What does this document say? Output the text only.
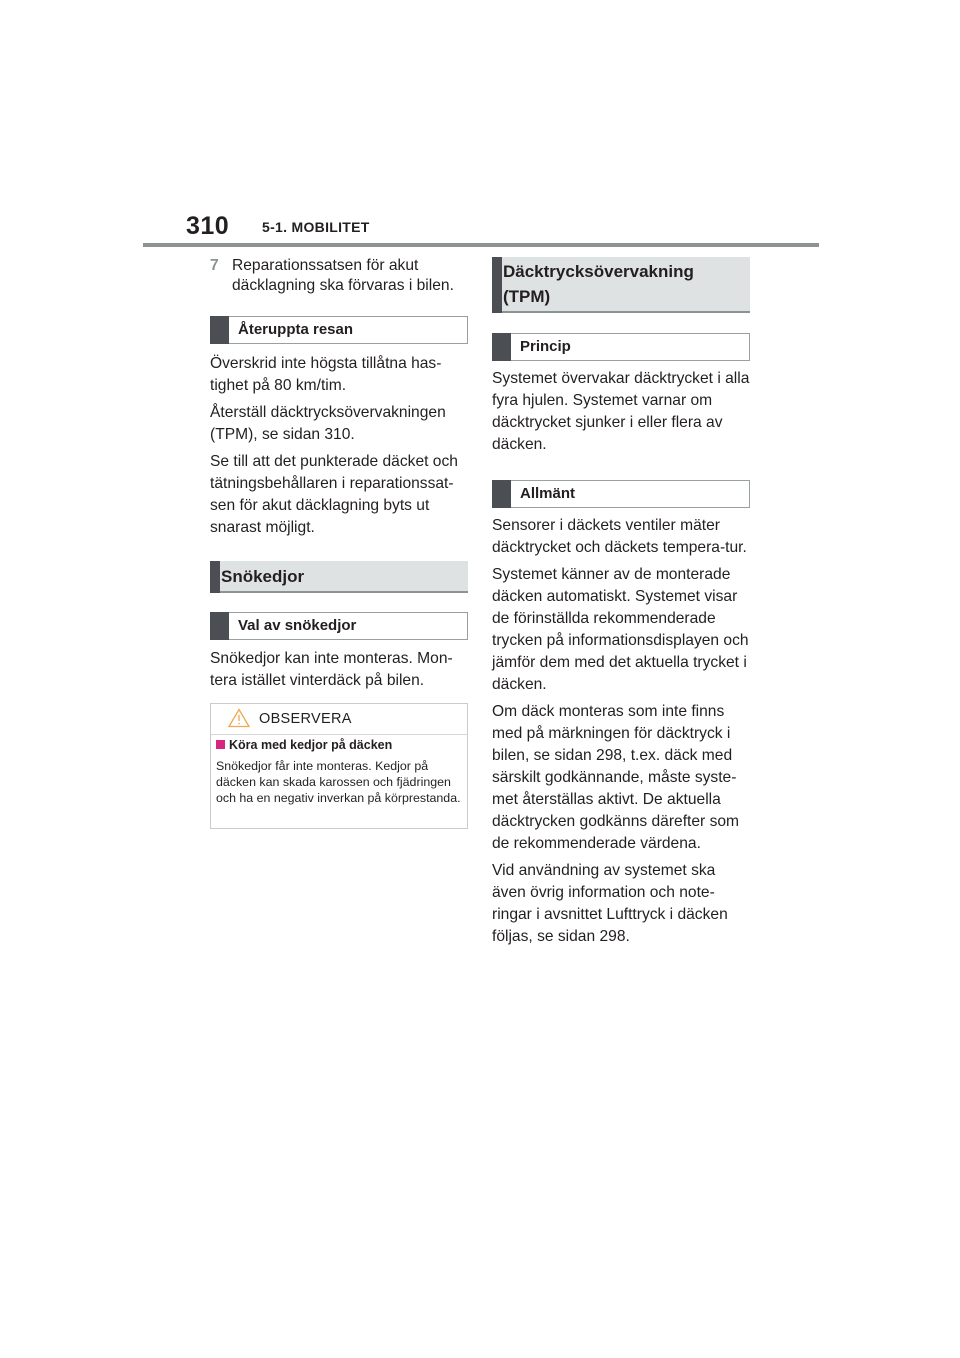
310 5-1. MOBILITET
7 Reparationssatsen för akut däcklagning ska förvaras i bilen.
Återuppta resan

Överskrid inte högsta tillåtna has-tighet på 80 km/tim.

Återställ däcktrycksövervakningen (TPM), se sidan 310.

Se till att det punkterade däcket och tätningsbehållaren i reparationssat-sen för akut däcklagning byts ut snarast möjligt.

Snökedjor
Val av snökedjor

Snökedjor kan inte monteras. Mon-tera istället vinterdäck på bilen.

OBSERVERA
Köra med kedjor på däcken
Snökedjor får inte monteras. Kedjor på däcken kan skada karossen och fjädringen och ha en negativ inverkan på körprestanda.
Däcktrycksövervakning
(TPM)
Princip

Systemet övervakar däcktrycket i alla fyra hjulen. Systemet varnar om däcktrycket sjunker i eller flera av däcken.

Allmänt

Sensorer i däckets ventiler mäter däcktrycket och däckets tempera-tur.

Systemet känner av de monterade däcken automatiskt. Systemet visar de förinställda rekommenderade trycken på informationsdisplayen och jämför dem med det aktuella trycket i däcken.

Om däck monteras som inte finns med på märkningen för däcktryck i bilen, se sidan 298, t.ex. däck med särskilt godkännande, måste syste-met återställas aktivt. De aktuella däcktrycken godkänns därefter som de rekommenderade värdena.

Vid användning av systemet ska även övrig information och note-ringar i avsnittet Lufttryck i däcken följas, se sidan 298.
